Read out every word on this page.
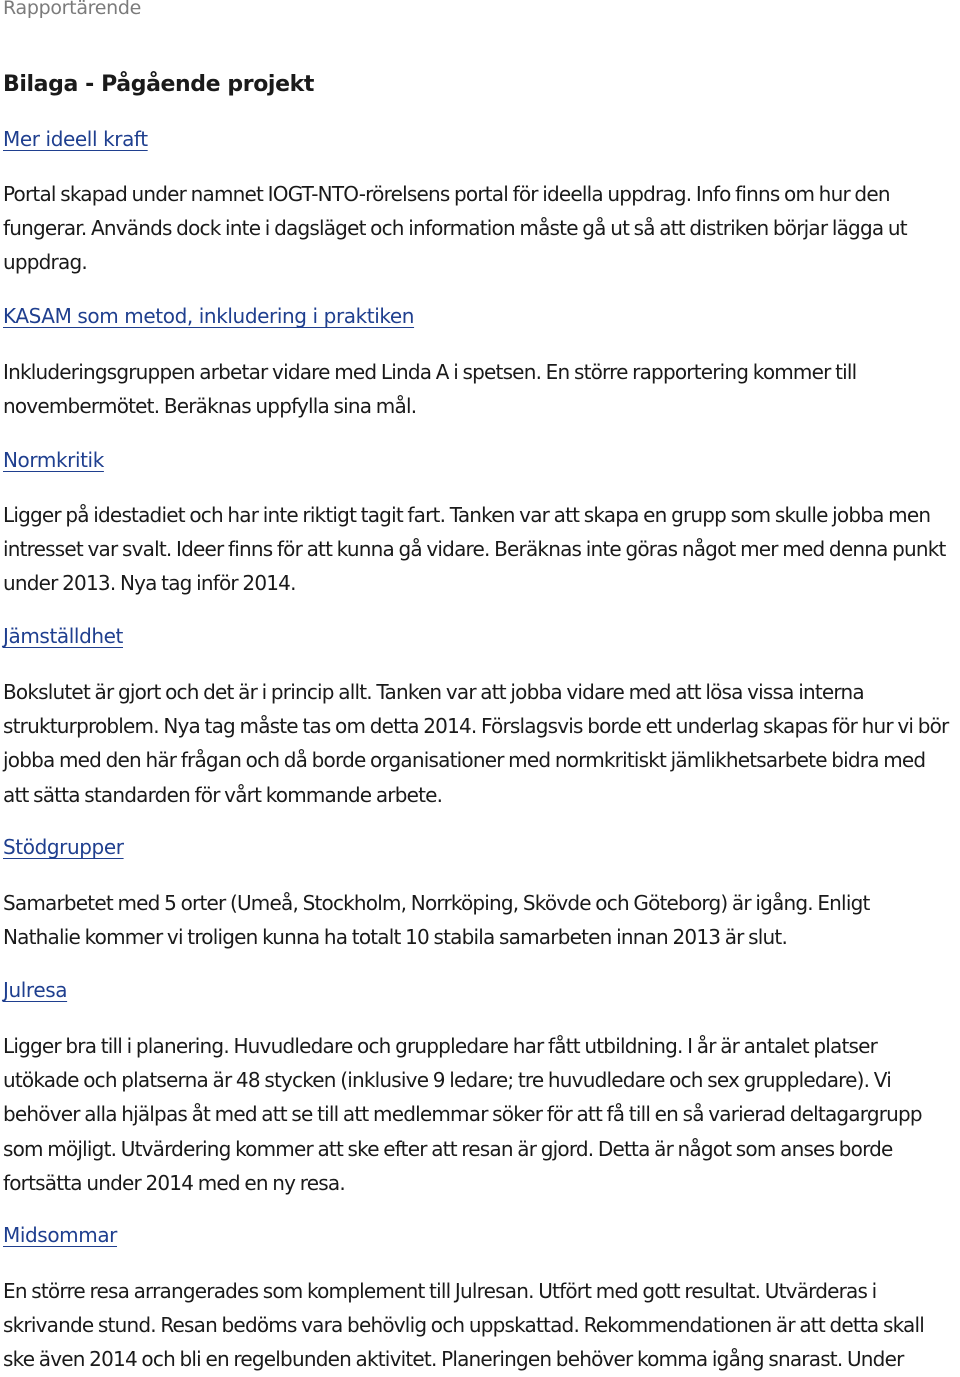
Rapportärende
Bilaga - Pågående projekt
Mer ideell kraft

Portal skapad under namnet IOGT-NTO-rörelsens portal för ideella uppdrag. Info finns om hur den fungerar. Används dock inte i dagsläget och information måste gå ut så att distriken börjar lägga ut uppdrag.

KASAM som metod, inkludering i praktiken

Inkluderingsgruppen arbetar vidare med Linda A i spetsen. En större rapportering kommer till novembermötet. Beräknas uppfylla sina mål.

Normkritik

Ligger på idestadiet och har inte riktigt tagit fart. Tanken var att skapa en grupp som skulle jobba men intresset var svalt. Ideer finns för att kunna gå vidare. Beräknas inte göras något mer med denna punkt under 2013. Nya tag inför 2014.

Jämställdhet

Bokslutet är gjort och det är i princip allt. Tanken var att jobba vidare med att lösa vissa interna strukturproblem. Nya tag måste tas om detta 2014. Förslagsvis borde ett underlag skapas för hur vi bör jobba med den här frågan och då borde organisationer med normkritiskt jämlikhetsarbete bidra med att sätta standarden för vårt kommande arbete.

Stödgrupper

Samarbetet med 5 orter (Umeå, Stockholm, Norrköping, Skövde och Göteborg) är igång. Enligt Nathalie kommer vi troligen kunna ha totalt 10 stabila samarbeten innan 2013 är slut.

Julresa

Ligger bra till i planering. Huvudledare och gruppledare har fått utbildning. I år är antalet platser utökade och platserna är 48 stycken (inklusive 9 ledare; tre huvudledare och sex gruppledare). Vi behöver alla hjälpas åt med att se till att medlemmar söker för att få till en så varierad deltagargrupp som möjligt. Utvärdering kommer att ske efter att resan är gjord. Detta är något som anses borde fortsätta under 2014 med en ny resa.

Midsommar

En större resa arrangerades som komplement till Julresan. Utfört med gott resultat. Utvärderas i skrivande stund. Resan bedöms vara behövlig och uppskattad. Rekommendationen är att detta skall ske även 2014 och bli en regelbunden aktivitet. Planeringen behöver komma igång snarast. Under
